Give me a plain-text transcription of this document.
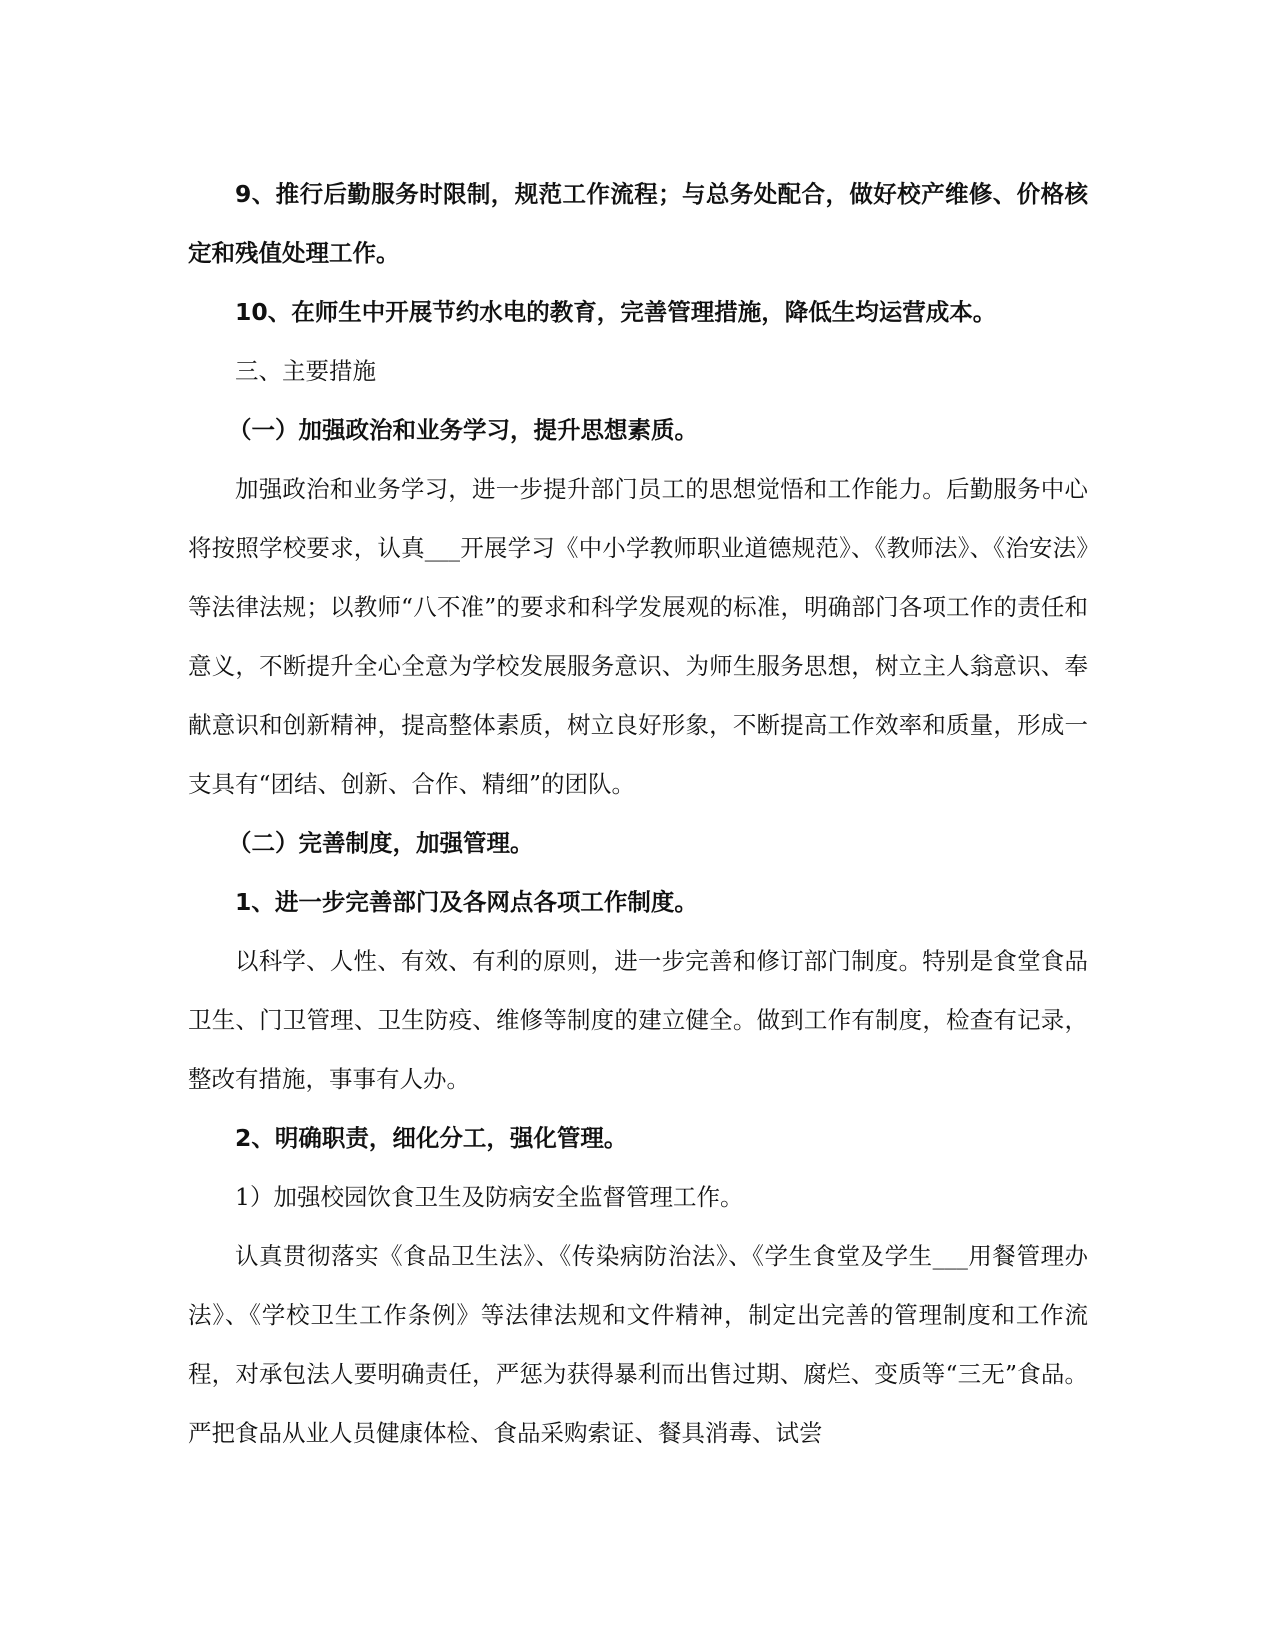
9、推行后勤服务时限制，规范工作流程；与总务处配合，做好校产维修、价格核定和残值处理工作。

10、在师生中开展节约水电的教育，完善管理措施，降低生均运营成本。

三、主要措施

（一）加强政治和业务学习，提升思想素质。

加强政治和业务学习，进一步提升部门员工的思想觉悟和工作能力。后勤服务中心将按照学校要求，认真___开展学习《中小学教师职业道德规范》、《教师法》、《治安法》等法律法规；以教师“八不准”的要求和科学发展观的标准，明确部门各项工作的责任和意义，不断提升全心全意为学校发展服务意识、为师生服务思想，树立主人翁意识、奉献意识和创新精神，提高整体素质，树立良好形象，不断提高工作效率和质量，形成一支具有“团结、创新、合作、精细”的团队。

（二）完善制度，加强管理。

1、进一步完善部门及各网点各项工作制度。

以科学、人性、有效、有利的原则，进一步完善和修订部门制度。特别是食堂食品卫生、门卫管理、卫生防疫、维修等制度的建立健全。做到工作有制度，检查有记录，整改有措施，事事有人办。

2、明确职责，细化分工，强化管理。

1）加强校园饮食卫生及防病安全监督管理工作。

认真贯彻落实《食品卫生法》、《传染病防治法》、《学生食堂及学生___用餐管理办法》、《学校卫生工作条例》等法律法规和文件精神，制定出完善的管理制度和工作流程，对承包法人要明确责任，严惩为获得暴利而出售过期、腐烂、变质等“三无”食品。严把食品从业人员健康体检、食品采购索证、餐具消毒、试尝
